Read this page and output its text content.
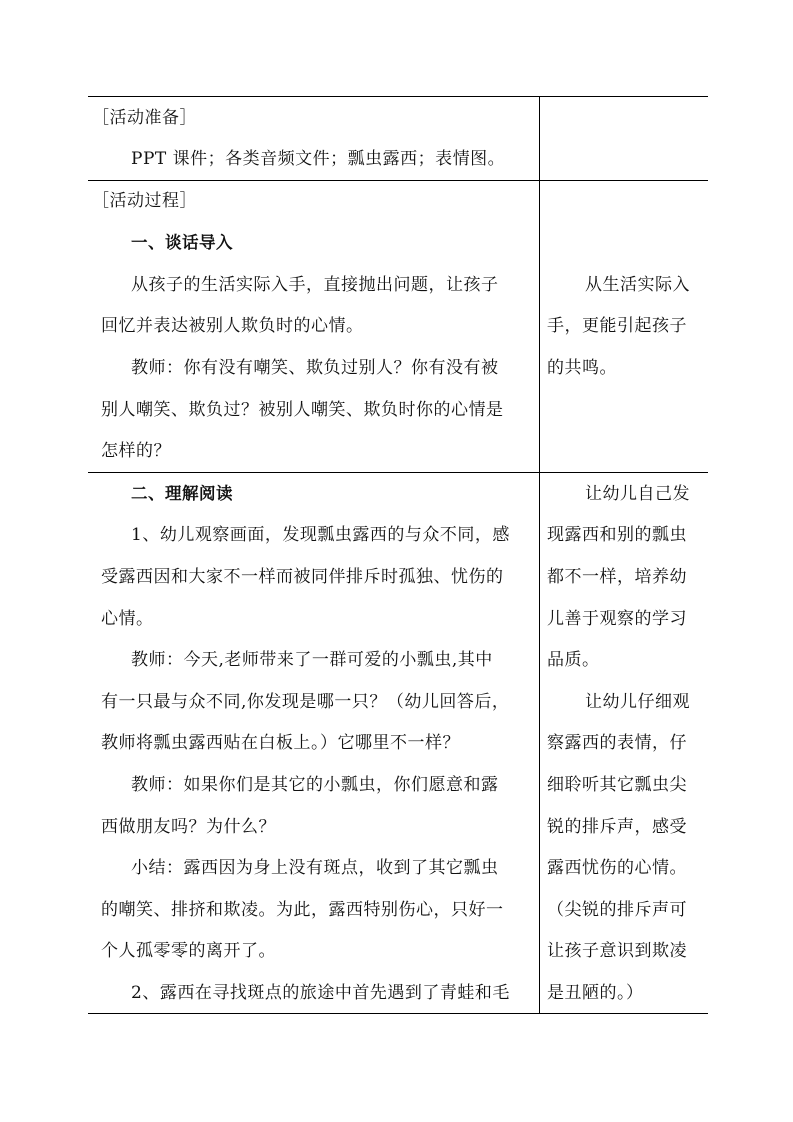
［活动准备］
PPT 课件；各类音频文件；瓢虫露西；表情图。
［活动过程］
一、谈话导入
从孩子的生活实际入手，直接抛出问题，让孩子
回忆并表达被别人欺负时的心情。
教师：你有没有嘲笑、欺负过别人？你有没有被
别人嘲笑、欺负过？被别人嘲笑、欺负时你的心情是
怎样的？
从生活实际入
手，更能引起孩子
的共鸣。
二、理解阅读
1、幼儿观察画面，发现瓢虫露西的与众不同，感
受露西因和大家不一样而被同伴排斥时孤独、忧伤的
心情。
教师：今天,老师带来了一群可爱的小瓢虫,其中
有一只最与众不同,你发现是哪一只？（幼儿回答后，
教师将瓢虫露西贴在白板上。）它哪里不一样？
教师：如果你们是其它的小瓢虫，你们愿意和露
西做朋友吗？为什么？
小结：露西因为身上没有斑点，收到了其它瓢虫
的嘲笑、排挤和欺凌。为此，露西特别伤心，只好一
个人孤零零的离开了。
2、露西在寻找斑点的旅途中首先遇到了青蛙和毛
让幼儿自己发
现露西和别的瓢虫
都不一样，培养幼
儿善于观察的学习
品质。
让幼儿仔细观
察露西的表情，仔
细聆听其它瓢虫尖
锐的排斥声，感受
露西忧伤的心情。
（尖锐的排斥声可
让孩子意识到欺凌
是丑陋的。）
